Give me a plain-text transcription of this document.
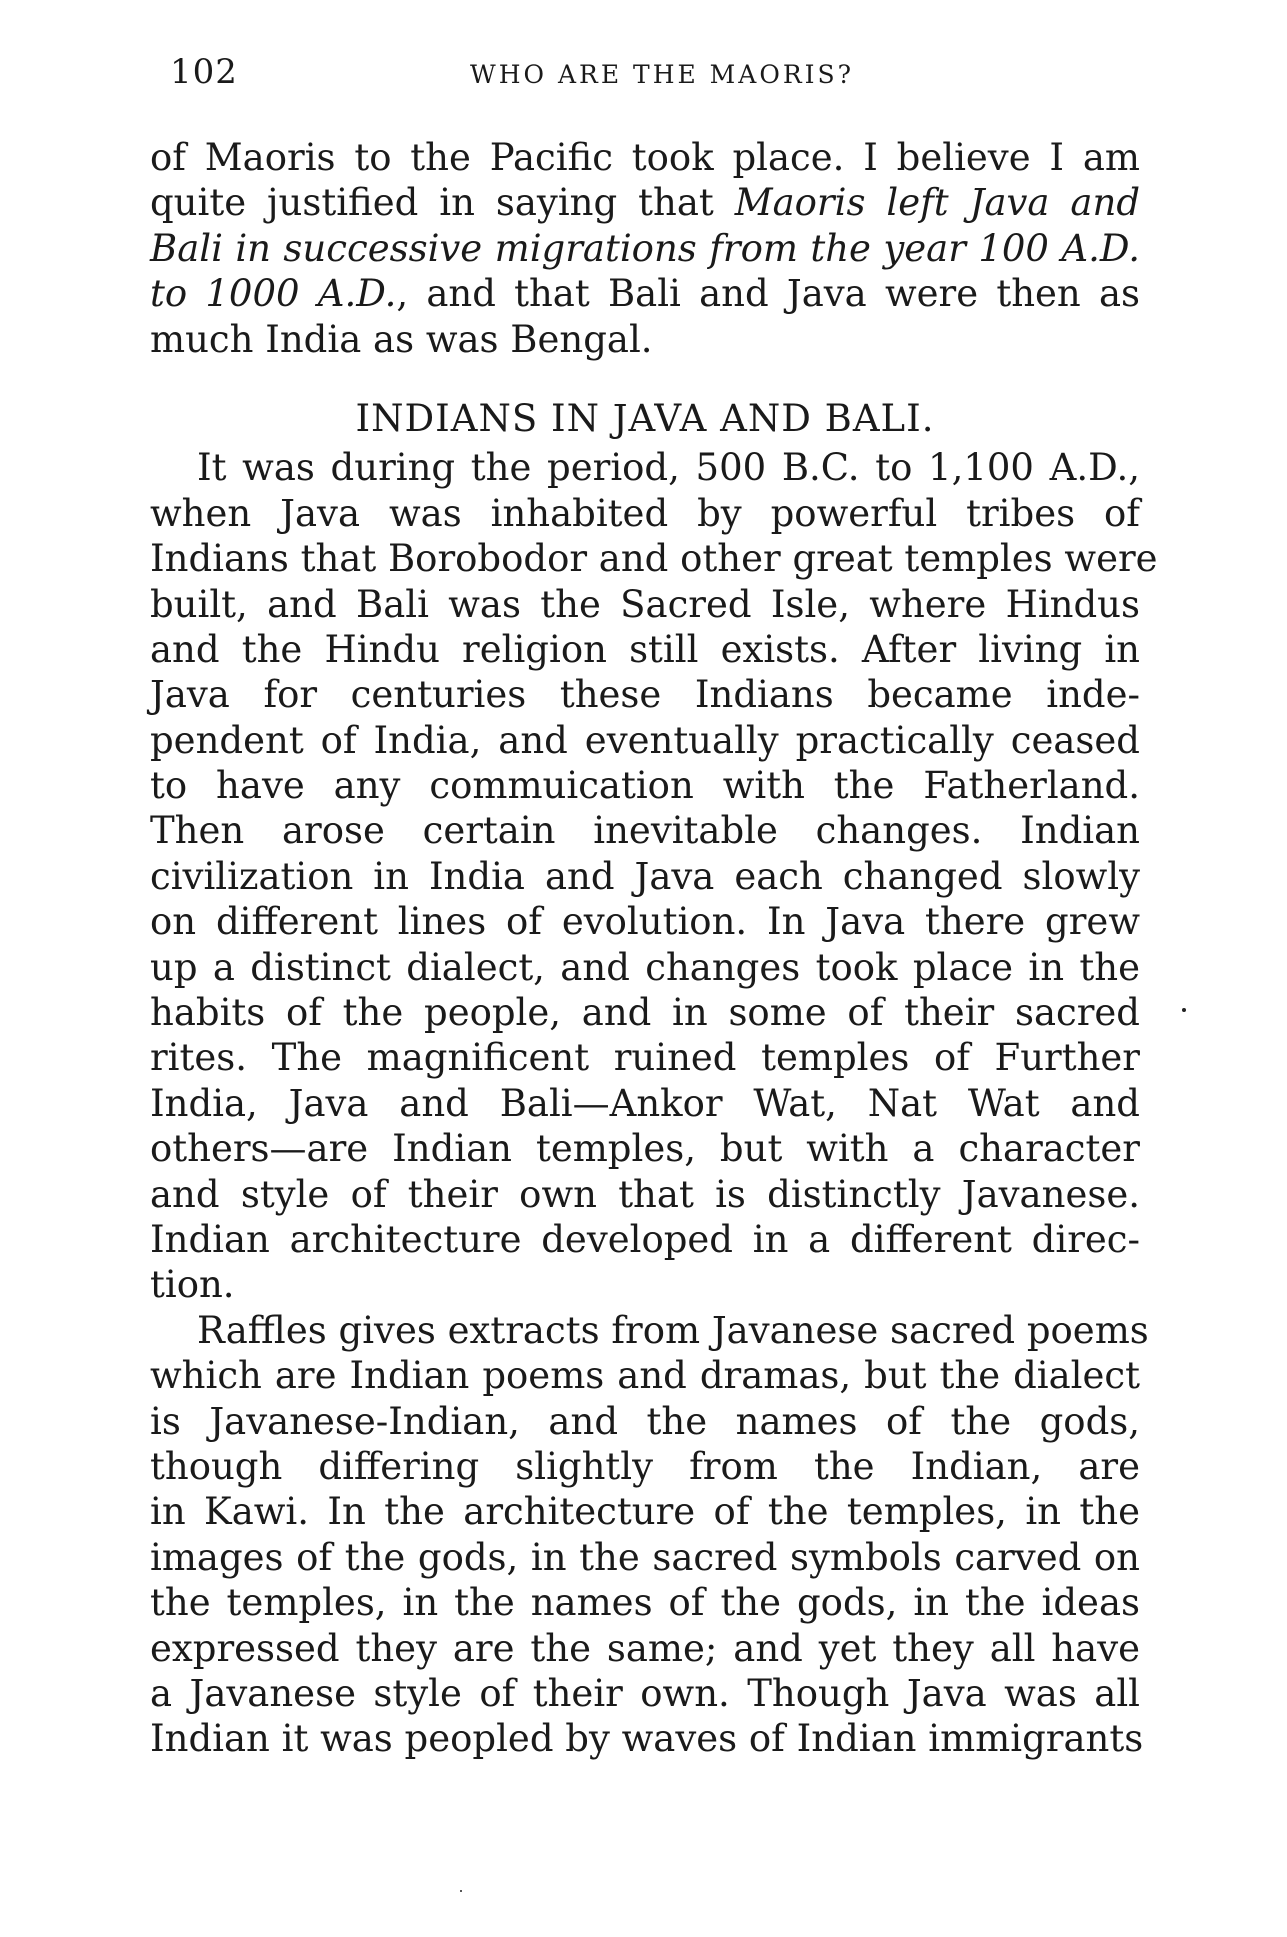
102	WHO ARE THE MAORIS?
of Maoris to the Pacific took place. I believe I am
quite justified in saying that Maoris left Java and
Bali in successive migrations from the year 100 A.D.
to 1000 A.D., and that Bali and Java were then as
much India as was Bengal.
INDIANS IN JAVA AND BALI.
It was during the period, 500 B.C. to 1,100 A.D.,
when Java was inhabited by powerful tribes of
Indians that Borobodor and other great temples were
built, and Bali was the Sacred Isle, where Hindus
and the Hindu religion still exists. After living in
Java for centuries these Indians became inde-
pendent of India, and eventually practically ceased
to have any commuication with the Fatherland.
Then arose certain inevitable changes. Indian
civilization in India and Java each changed slowly
on different lines of evolution. In Java there grew
up a distinct dialect, and changes took place in the
habits of the people, and in some of their sacred
rites. The magnificent ruined temples of Further
India, Java and Bali—Ankor Wat, Nat Wat and
others—are Indian temples, but with a character
and style of their own that is distinctly Javanese.
Indian architecture developed in a different direc-
tion.
Raffles gives extracts from Javanese sacred poems
which are Indian poems and dramas, but the dialect
is Javanese-Indian, and the names of the gods,
though differing slightly from the Indian, are
in Kawi. In the architecture of the temples, in the
images of the gods, in the sacred symbols carved on
the temples, in the names of the gods, in the ideas
expressed they are the same; and yet they all have
a Javanese style of their own. Though Java was all
Indian it was peopled by waves of Indian immigrants
